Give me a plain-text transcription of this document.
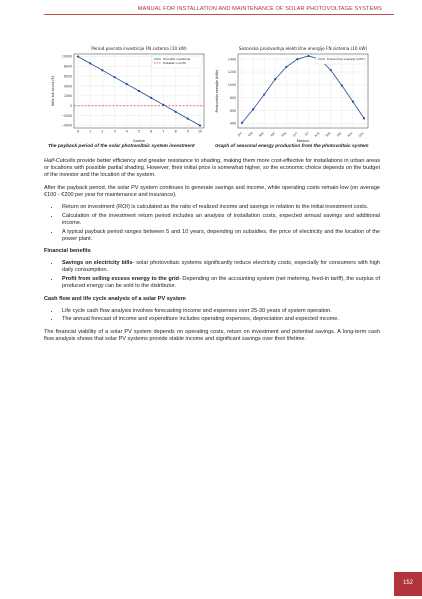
MANUAL FOR INSTALLATION AND MAINTENANCE OF SOLAR PHOTOVOLTAGE SYSTEMS
Period povrata investicije FN sistema (10 kW)
10000
8000
6000
4000
2000
0
−2000
−4000
0	1	2	3	4	5	6	7	8	9	10
Godine
Neto tok novca (€)
Povratak investicija
Prelazak u profit
Sezonska proizvodnja električne energije FN sistema (10 kW)
1400
1200
1000
800
600
400
Jan Feb Mar Apr Maj Jun Jul Aug Sep Okt Nov Dec
Mjeseci
Proizvodnja energije (kWh)
Proizvodnja energije (kWh)
The payback period of the solar photovoltaic system investment	Graph of seasonal energy production from the photovoltaic system

Half-Cutcells provide better efficiency and greater resistance to shading, making them more cost-effective for installations in urban areas or locations with possible partial shading. However, their initial price is somewhat higher, so the economic choice depends on the budget of the investor and the location of the system.

After the payback period, the solar PV system continues to generate savings and income, while operating costs remain low (on average €100 - €200 per year for maintenance and insurance).

• Return on investment (ROI) is calculated as the ratio of realized income and savings in relation to the initial investment costs.
• Calculation of the investment return period includes an analysis of installation costs, expected annual savings and additional income.
• A typical payback period ranges between 5 and 10 years, depending on subsidies, the price of electricity and the location of the power plant.
Financial benefits
• Savings on electricity bills- solar photovoltaic systems significantly reduce electricity costs, especially for consumers with high daily consumption.
• Profit from selling excess energy to the grid- Depending on the accounting system (net metering, feed-in tariff), the surplus of produced energy can be sold to the distributor.
Cash flow and life cycle analysis of a solar PV system
• Life cycle cash flow analysis involves forecasting income and expenses over 25-30 years of system operation.
• The annual forecast of income and expenditure includes operating expenses, depreciation and expected income.

The financial viability of a solar PV system depends on operating costs, return on investment and potential savings. A long-term cash flow analysis shows that solar PV systems provide stable income and significant savings over their lifetime.

152
